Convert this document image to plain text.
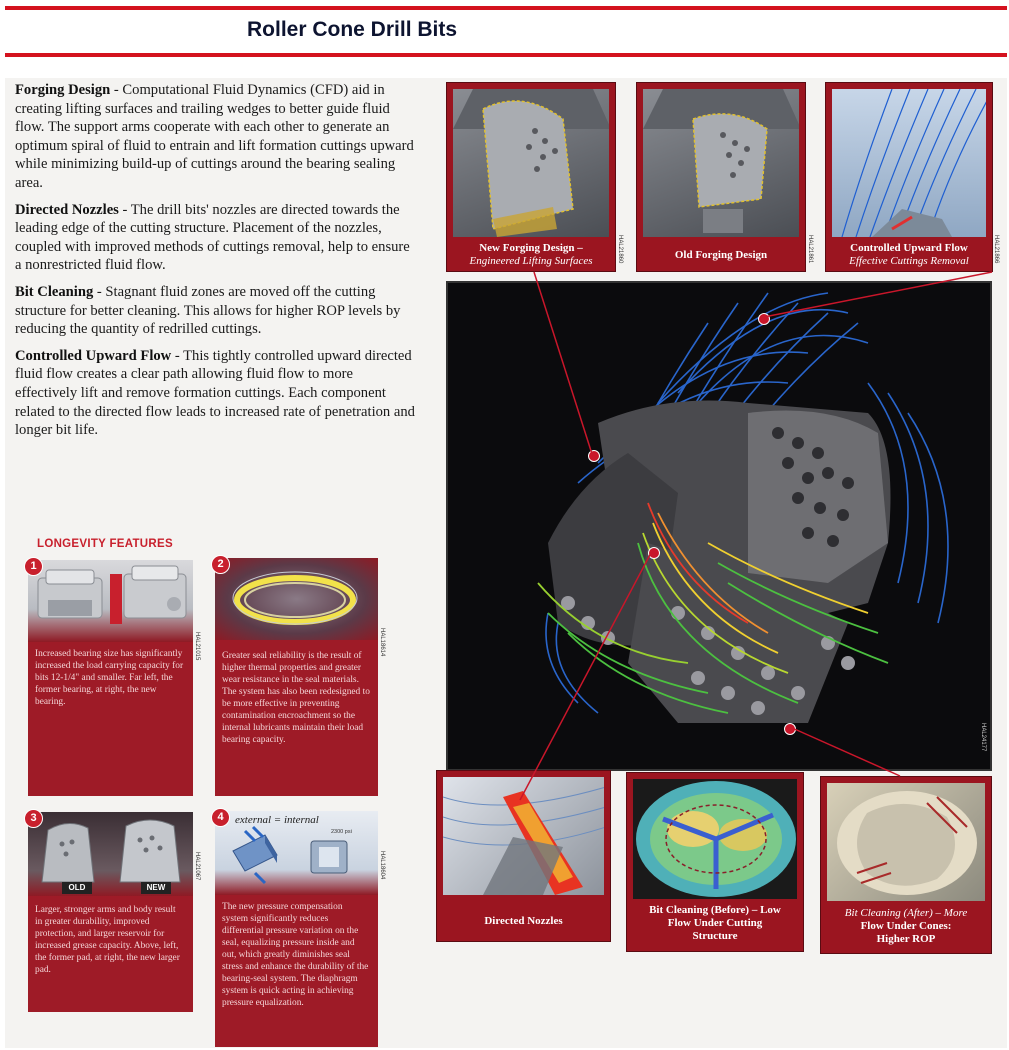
Roller Cone Drill Bits

Forging Design - Computational Fluid Dynamics (CFD) aid in creating lifting surfaces and trailing wedges to better guide fluid flow. The support arms cooperate with each other to generate an optimum spiral of fluid to entrain and lift formation cuttings upward while minimizing build-up of cuttings around the bearing sealing area.

Directed Nozzles - The drill bits' nozzles are directed towards the leading edge of the cutting structure. Placement of the nozzles, coupled with improved methods of cuttings removal, help to ensure a nonrestricted fluid flow.

Bit Cleaning - Stagnant fluid zones are moved off the cutting structure for better cleaning. This allows for higher ROP levels by reducing the quantity of redrilled cuttings.

Controlled Upward Flow - This tightly controlled upward directed fluid flow creates a clear path allowing fluid flow to more effectively lift and remove formation cuttings. Each component related to the directed flow leads to increased rate of penetration and longer bit life.

LONGEVITY FEATURES
1
Increased bearing size has significantly increased the load carrying capacity for bits 12-1/4" and smaller. Far left, the former bearing, at right, the new bearing.
HAL21015
2
Greater seal reliability is the result of higher thermal properties and greater wear resistance in the seal materials. The system has also been redesigned to be more effective in preventing contamination encroachment so the internal lubricants maintain their load bearing capacity.
HAL18614
OLD	NEW
3
Larger, stronger arms and body result in greater durability, improved protection, and larger reservoir for increased grease capacity. Above, left, the former pad, at right, the new larger pad.
HAL21067
external = internal
2300 psi
4
The new pressure compensation system significantly reduces differential pressure variation on the seal, equalizing pressure inside and out, which greatly diminishes seal stress and enhance the durability of the bearing-seal system. The diaphragm system is quick acting in achieving pressure equalization.
HAL18604
New Forging Design –
Engineered Lifting Surfaces	HAL21860	Old Forging Design	HAL21861	Controlled Upward Flow
Effective Cuttings Removal	HAL21866
HAL24177
Directed Nozzles
Bit Cleaning (Before) – Low
Flow Under Cutting
Structure
Bit Cleaning (After) – More
Flow Under Cones:
Higher ROP
